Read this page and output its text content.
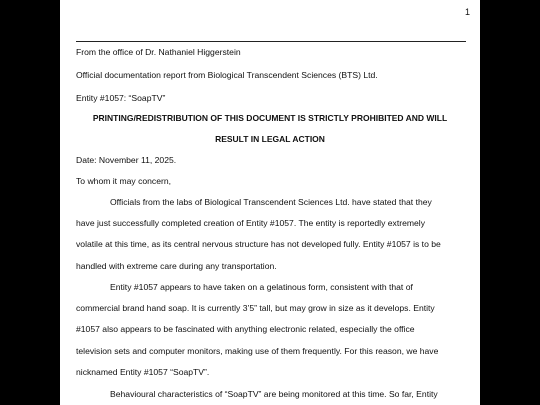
1
From the office of Dr. Nathaniel Higgerstein
Official documentation report from Biological Transcendent Sciences (BTS) Ltd.
Entity #1057: “SoapTV”
PRINTING/REDISTRIBUTION OF THIS DOCUMENT IS STRICTLY PROHIBITED AND WILL
RESULT IN LEGAL ACTION
Date: November 11, 2025.
To whom it may concern,
Officials from the labs of Biological Transcendent Sciences Ltd. have stated that they
have just successfully completed creation of Entity #1057. The entity is reportedly extremely
volatile at this time, as its central nervous structure has not developed fully. Entity #1057 is to be
handled with extreme care during any transportation.
Entity #1057 appears to have taken on a gelatinous form, consistent with that of
commercial brand hand soap. It is currently 3’5” tall, but may grow in size as it develops. Entity
#1057 also appears to be fascinated with anything electronic related, especially the office
television sets and computer monitors, making use of them frequently. For this reason, we have
nicknamed Entity #1057 “SoapTV”.
Behavioural characteristics of “SoapTV” are being monitored at this time. So far, Entity
